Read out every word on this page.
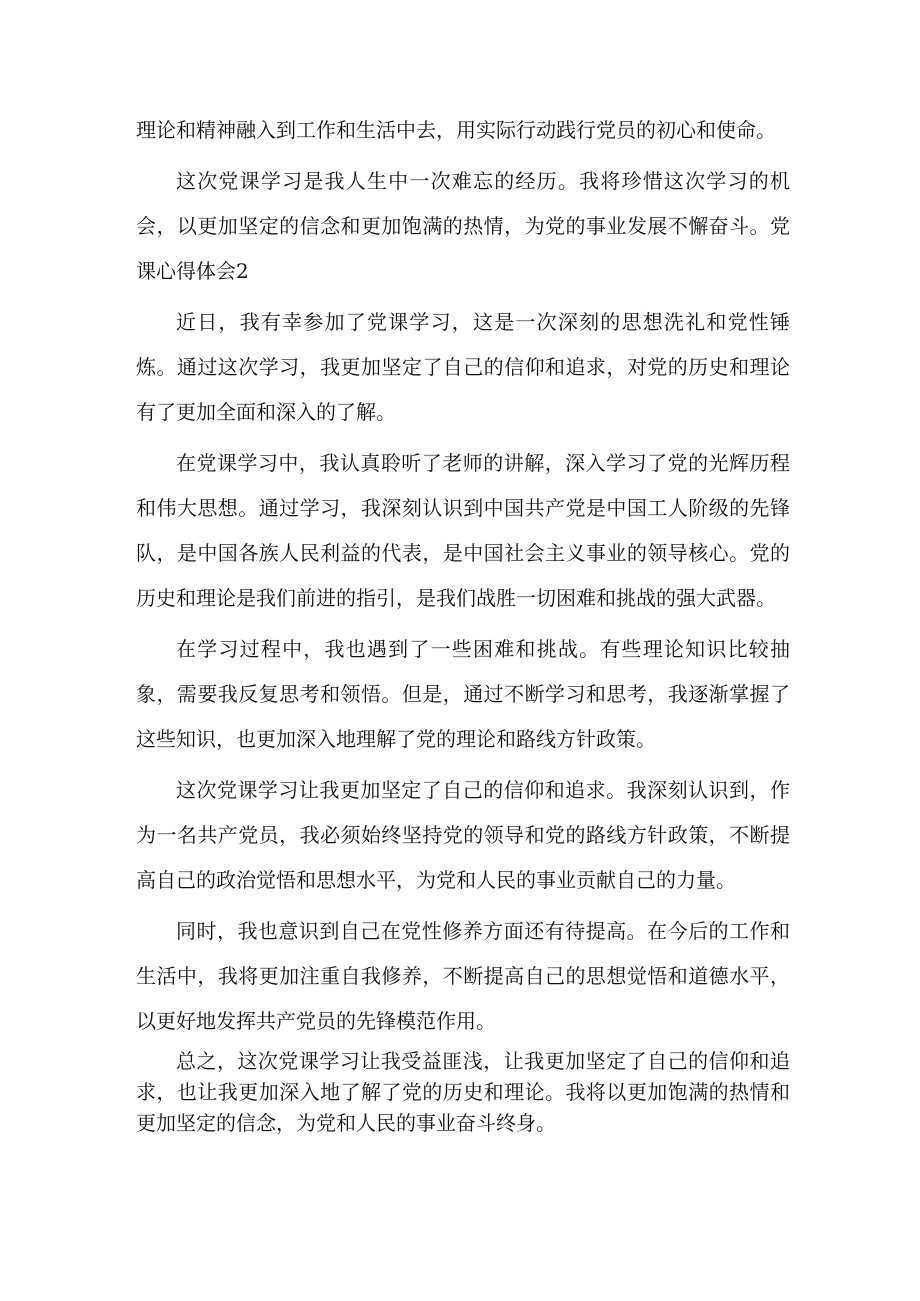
理论和精神融入到工作和生活中去，用实际行动践行党员的初心和使命。

这次党课学习是我人生中一次难忘的经历。我将珍惜这次学习的机会，以更加坚定的信念和更加饱满的热情，为党的事业发展不懈奋斗。党课心得体会2

近日，我有幸参加了党课学习，这是一次深刻的思想洗礼和党性锤炼。通过这次学习，我更加坚定了自己的信仰和追求，对党的历史和理论有了更加全面和深入的了解。

在党课学习中，我认真聆听了老师的讲解，深入学习了党的光辉历程和伟大思想。通过学习，我深刻认识到中国共产党是中国工人阶级的先锋队，是中国各族人民利益的代表，是中国社会主义事业的领导核心。党的历史和理论是我们前进的指引，是我们战胜一切困难和挑战的强大武器。

在学习过程中，我也遇到了一些困难和挑战。有些理论知识比较抽象，需要我反复思考和领悟。但是，通过不断学习和思考，我逐渐掌握了这些知识，也更加深入地理解了党的理论和路线方针政策。

这次党课学习让我更加坚定了自己的信仰和追求。我深刻认识到，作为一名共产党员，我必须始终坚持党的领导和党的路线方针政策，不断提高自己的政治觉悟和思想水平，为党和人民的事业贡献自己的力量。

同时，我也意识到自己在党性修养方面还有待提高。在今后的工作和生活中，我将更加注重自我修养，不断提高自己的思想觉悟和道德水平，以更好地发挥共产党员的先锋模范作用。

总之，这次党课学习让我受益匪浅，让我更加坚定了自己的信仰和追求，也让我更加深入地了解了党的历史和理论。我将以更加饱满的热情和更加坚定的信念，为党和人民的事业奋斗终身。
